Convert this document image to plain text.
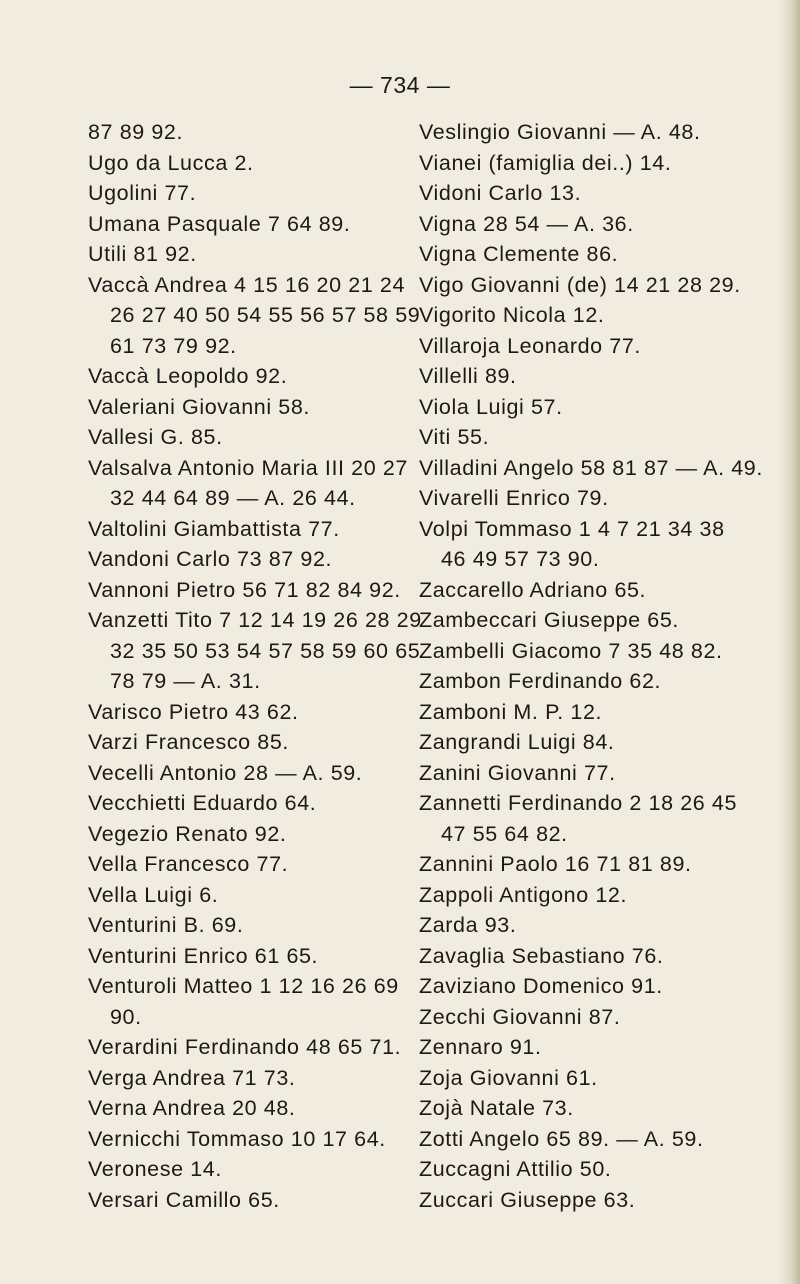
— 734 —
87 89 92.
Ugo da Lucca 2.
Ugolini 77.
Umana Pasquale 7 64 89.
Utili 81 92.
Vaccà Andrea 4 15 16 20 21 24
26 27 40 50 54 55 56 57 58 59
61 73 79 92.
Vaccà Leopoldo 92.
Valeriani Giovanni 58.
Vallesi G. 85.
Valsalva Antonio Maria III 20 27
32 44 64 89 — A. 26 44.
Valtolini Giambattista 77.
Vandoni Carlo 73 87 92.
Vannoni Pietro 56 71 82 84 92.
Vanzetti Tito 7 12 14 19 26 28 29
32 35 50 53 54 57 58 59 60 65
78 79 — A. 31.
Varisco Pietro 43 62.
Varzi Francesco 85.
Vecelli Antonio 28 — A. 59.
Vecchietti Eduardo 64.
Vegezio Renato 92.
Vella Francesco 77.
Vella Luigi 6.
Venturini B. 69.
Venturini Enrico 61 65.
Venturoli Matteo 1 12 16 26 69
90.
Verardini Ferdinando 48 65 71.
Verga Andrea 71 73.
Verna Andrea 20 48.
Vernicchi Tommaso 10 17 64.
Veronese 14.
Versari Camillo 65.
Veslingio Giovanni — A. 48.
Vianei (famiglia dei..) 14.
Vidoni Carlo 13.
Vigna 28 54 — A. 36.
Vigna Clemente 86.
Vigo Giovanni (de) 14 21 28 29.
Vigorito Nicola 12.
Villaroja Leonardo 77.
Villelli 89.
Viola Luigi 57.
Viti 55.
Villadini Angelo 58 81 87 — A. 49.
Vivarelli Enrico 79.
Volpi Tommaso 1 4 7 21 34 38
46 49 57 73 90.
Zaccarello Adriano 65.
Zambeccari Giuseppe 65.
Zambelli Giacomo 7 35 48 82.
Zambon Ferdinando 62.
Zamboni M. P. 12.
Zangrandi Luigi 84.
Zanini Giovanni 77.
Zannetti Ferdinando 2 18 26 45
47 55 64 82.
Zannini Paolo 16 71 81 89.
Zappoli Antigono 12.
Zarda 93.
Zavaglia Sebastiano 76.
Zaviziano Domenico 91.
Zecchi Giovanni 87.
Zennaro 91.
Zoja Giovanni 61.
Zojà Natale 73.
Zotti Angelo 65 89. — A. 59.
Zuccagni Attilio 50.
Zuccari Giuseppe 63.
